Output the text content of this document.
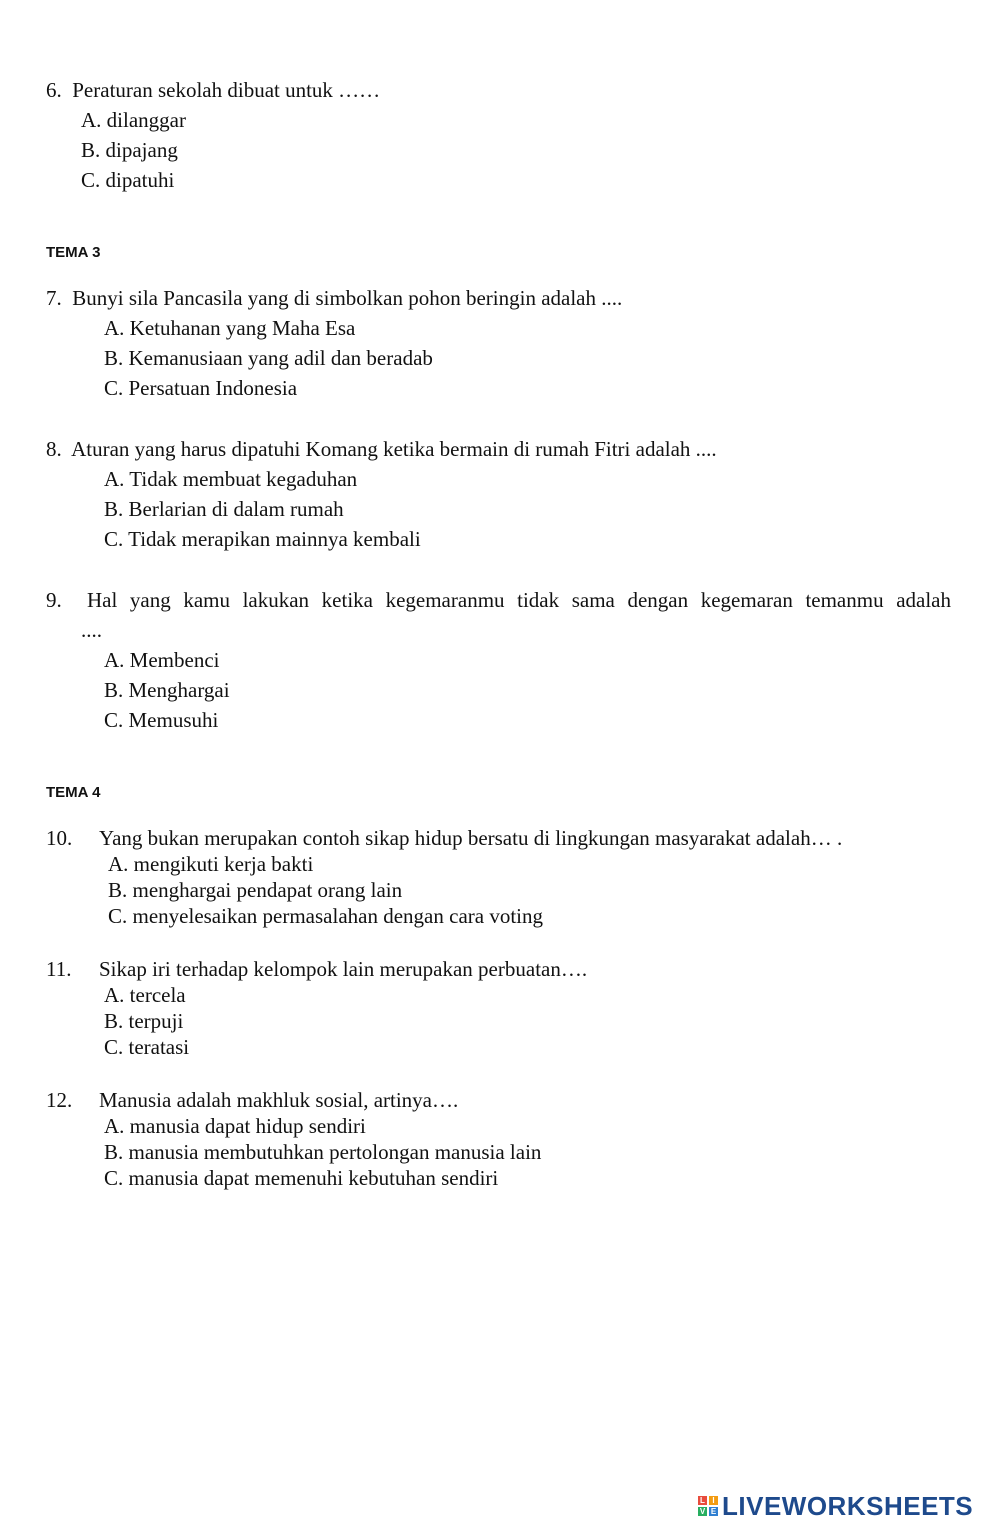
6. Peraturan sekolah dibuat untuk ……
A. dilanggar
B. dipajang
C. dipatuhi
TEMA 3
7. Bunyi sila Pancasila yang di simbolkan pohon beringin adalah ....
A. Ketuhanan yang Maha Esa
B. Kemanusiaan yang adil dan beradab
C. Persatuan Indonesia
8. Aturan yang harus dipatuhi Komang ketika bermain di rumah Fitri adalah ....
A. Tidak membuat kegaduhan
B. Berlarian di dalam rumah
C. Tidak merapikan mainnya kembali
9. Hal yang kamu lakukan ketika kegemaranmu tidak sama dengan kegemaran temanmu adalah
....
A. Membenci
B. Menghargai
C. Memusuhi
TEMA 4
10. Yang bukan merupakan contoh sikap hidup bersatu di lingkungan masyarakat adalah… .
A. mengikuti kerja bakti
B. menghargai pendapat orang lain
C. menyelesaikan permasalahan dengan cara voting
11. Sikap iri terhadap kelompok lain merupakan perbuatan….
A. tercela
B. terpuji
C. teratasi
12. Manusia adalah makhluk sosial, artinya….
A. manusia dapat hidup sendiri
B. manusia membutuhkan pertolongan manusia lain
C. manusia dapat memenuhi kebutuhan sendiri
L I
V E LIVEWORKSHEETS
